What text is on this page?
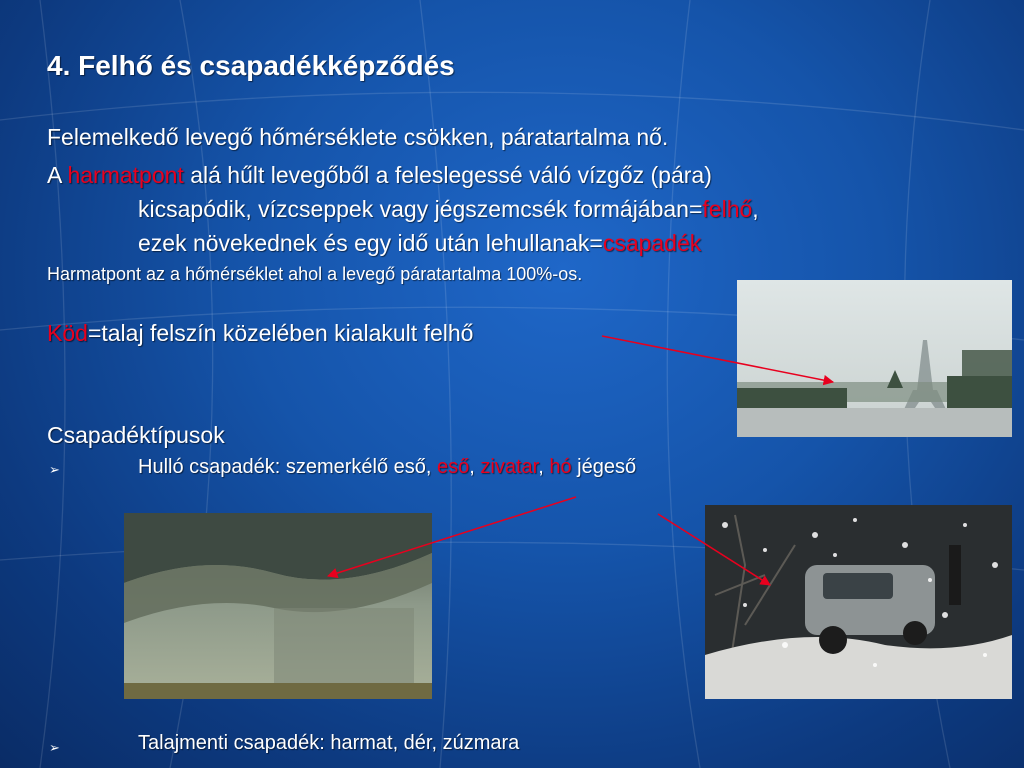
4. Felhő és csapadékképződés
Felemelkedő levegő hőmérséklete csökken, páratartalma nő.
A harmatpont alá hűlt levegőből a feleslegessé váló vízgőz (pára)
kicsapódik, vízcseppek vagy jégszemcsék formájában=felhő,
ezek növekednek és egy idő után lehullanak=csapadék
Harmatpont az a hőmérséklet ahol a levegő páratartalma 100%-os.
Köd=talaj felszín közelében kialakult felhő
Csapadéktípusok
➢	Hulló csapadék: szemerkélő eső, eső, zivatar, hó jégeső
➢	Talajmenti csapadék: harmat, dér, zúzmara
